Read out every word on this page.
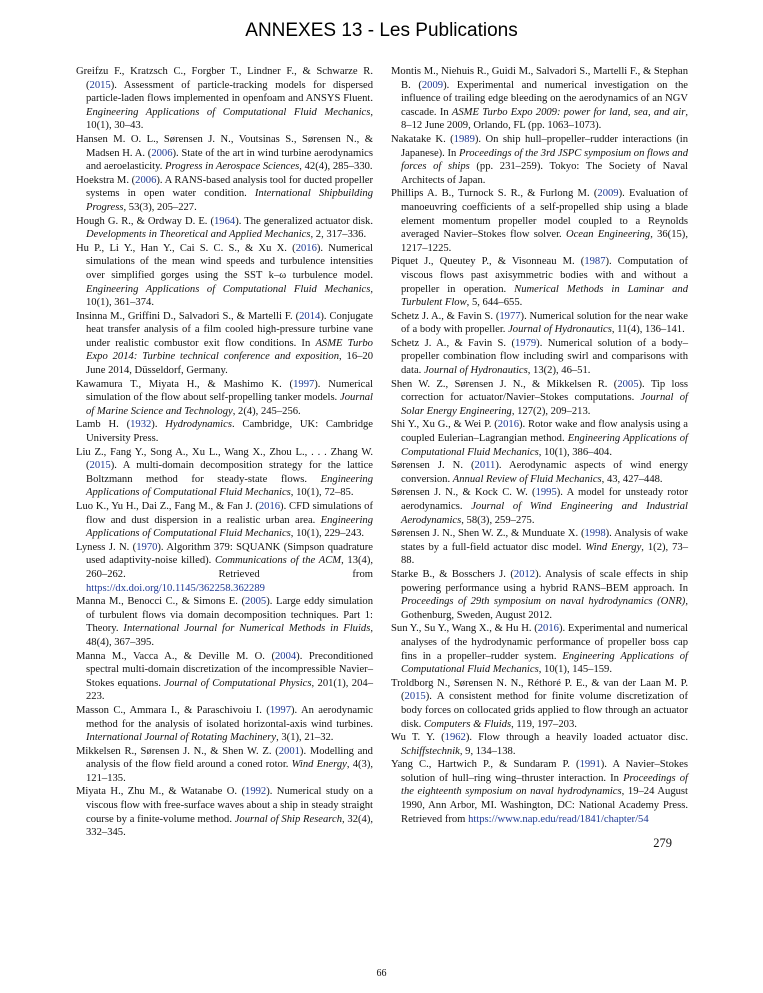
ANNEXES 13 - Les Publications

Greifzu F., Kratzsch C., Forgber T., Lindner F., & Schwarze R. (2015). Assessment of particle-tracking models for dispersed particle-laden flows implemented in openfoam and ANSYS Fluent. Engineering Applications of Computational Fluid Mechanics, 10(1), 30–43.

Hansen M. O. L., Sørensen J. N., Voutsinas S., Sørensen N., & Madsen H. A. (2006). State of the art in wind turbine aerodynamics and aeroelasticity. Progress in Aerospace Sciences, 42(4), 285–330.

Hoekstra M. (2006). A RANS-based analysis tool for ducted propeller systems in open water condition. International Shipbuilding Progress, 53(3), 205–227.

Hough G. R., & Ordway D. E. (1964). The generalized actuator disk. Developments in Theoretical and Applied Mechanics, 2, 317–336.

Hu P., Li Y., Han Y., Cai S. C. S., & Xu X. (2016). Numerical simulations of the mean wind speeds and turbulence intensities over simplified gorges using the SST k–ω turbulence model. Engineering Applications of Computational Fluid Mechanics, 10(1), 361–374.

Insinna M., Griffini D., Salvadori S., & Martelli F. (2014). Conjugate heat transfer analysis of a film cooled high-pressure turbine vane under realistic combustor exit flow conditions. In ASME Turbo Expo 2014: Turbine technical conference and exposition, 16–20 June 2014, Düsseldorf, Germany.

Kawamura T., Miyata H., & Mashimo K. (1997). Numerical simulation of the flow about self-propelling tanker models. Journal of Marine Science and Technology, 2(4), 245–256.

Lamb H. (1932). Hydrodynamics. Cambridge, UK: Cambridge University Press.

Liu Z., Fang Y., Song A., Xu L., Wang X., Zhou L., . . . Zhang W. (2015). A multi-domain decomposition strategy for the lattice Boltzmann method for steady-state flows. Engineering Applications of Computational Fluid Mechanics, 10(1), 72–85.

Luo K., Yu H., Dai Z., Fang M., & Fan J. (2016). CFD simulations of flow and dust dispersion in a realistic urban area. Engineering Applications of Computational Fluid Mechanics, 10(1), 229–243.

Lyness J. N. (1970). Algorithm 379: SQUANK (Simpson quadrature used adaptivity-noise killed). Communications of the ACM, 13(4), 260–262. Retrieved from https://dx.doi.org/10.1145/362258.362289

Manna M., Benocci C., & Simons E. (2005). Large eddy simulation of turbulent flows via domain decomposition techniques. Part 1: Theory. International Journal for Numerical Methods in Fluids, 48(4), 367–395.

Manna M., Vacca A., & Deville M. O. (2004). Preconditioned spectral multi-domain discretization of the incompressible Navier–Stokes equations. Journal of Computational Physics, 201(1), 204–223.

Masson C., Ammara I., & Paraschivoiu I. (1997). An aerodynamic method for the analysis of isolated horizontal-axis wind turbines. International Journal of Rotating Machinery, 3(1), 21–32.

Mikkelsen R., Sørensen J. N., & Shen W. Z. (2001). Modelling and analysis of the flow field around a coned rotor. Wind Energy, 4(3), 121–135.

Miyata H., Zhu M., & Watanabe O. (1992). Numerical study on a viscous flow with free-surface waves about a ship in steady straight course by a finite-volume method. Journal of Ship Research, 32(4), 332–345.

Montis M., Niehuis R., Guidi M., Salvadori S., Martelli F., & Stephan B. (2009). Experimental and numerical investigation on the influence of trailing edge bleeding on the aerodynamics of an NGV cascade. In ASME Turbo Expo 2009: power for land, sea, and air, 8–12 June 2009, Orlando, FL (pp. 1063–1073).

Nakatake K. (1989). On ship hull–propeller–rudder interactions (in Japanese). In Proceedings of the 3rd JSPC symposium on flows and forces of ships (pp. 231–259). Tokyo: The Society of Naval Architects of Japan.

Phillips A. B., Turnock S. R., & Furlong M. (2009). Evaluation of manoeuvring coefficients of a self-propelled ship using a blade element momentum propeller model coupled to a Reynolds averaged Navier–Stokes flow solver. Ocean Engineering, 36(15), 1217–1225.

Piquet J., Queutey P., & Visonneau M. (1987). Computation of viscous flows past axisymmetric bodies with and without a propeller in operation. Numerical Methods in Laminar and Turbulent Flow, 5, 644–655.

Schetz J. A., & Favin S. (1977). Numerical solution for the near wake of a body with propeller. Journal of Hydronautics, 11(4), 136–141.

Schetz J. A., & Favin S. (1979). Numerical solution of a body–propeller combination flow including swirl and comparisons with data. Journal of Hydronautics, 13(2), 46–51.

Shen W. Z., Sørensen J. N., & Mikkelsen R. (2005). Tip loss correction for actuator/Navier–Stokes computations. Journal of Solar Energy Engineering, 127(2), 209–213.

Shi Y., Xu G., & Wei P. (2016). Rotor wake and flow analysis using a coupled Eulerian–Lagrangian method. Engineering Applications of Computational Fluid Mechanics, 10(1), 386–404.

Sørensen J. N. (2011). Aerodynamic aspects of wind energy conversion. Annual Review of Fluid Mechanics, 43, 427–448.

Sørensen J. N., & Kock C. W. (1995). A model for unsteady rotor aerodynamics. Journal of Wind Engineering and Industrial Aerodynamics, 58(3), 259–275.

Sørensen J. N., Shen W. Z., & Munduate X. (1998). Analysis of wake states by a full-field actuator disc model. Wind Energy, 1(2), 73–88.

Starke B., & Bosschers J. (2012). Analysis of scale effects in ship powering performance using a hybrid RANS–BEM approach. In Proceedings of 29th symposium on naval hydrodynamics (ONR), Gothenburg, Sweden, August 2012.

Sun Y., Su Y., Wang X., & Hu H. (2016). Experimental and numerical analyses of the hydrodynamic performance of propeller boss cap fins in a propeller–rudder system. Engineering Applications of Computational Fluid Mechanics, 10(1), 145–159.

Troldborg N., Sørensen N. N., Réthoré P. E., & van der Laan M. P. (2015). A consistent method for finite volume discretization of body forces on collocated grids applied to flow through an actuator disk. Computers & Fluids, 119, 197–203.

Wu T. Y. (1962). Flow through a heavily loaded actuator disc. Schiffstechnik, 9, 134–138.

Yang C., Hartwich P., & Sundaram P. (1991). A Navier–Stokes solution of hull–ring wing–thruster interaction. In Proceedings of the eighteenth symposium on naval hydrodynamics, 19–24 August 1990, Ann Arbor, MI. Washington, DC: National Academy Press. Retrieved from https://www.nap.edu/read/1841/chapter/54

279
66
